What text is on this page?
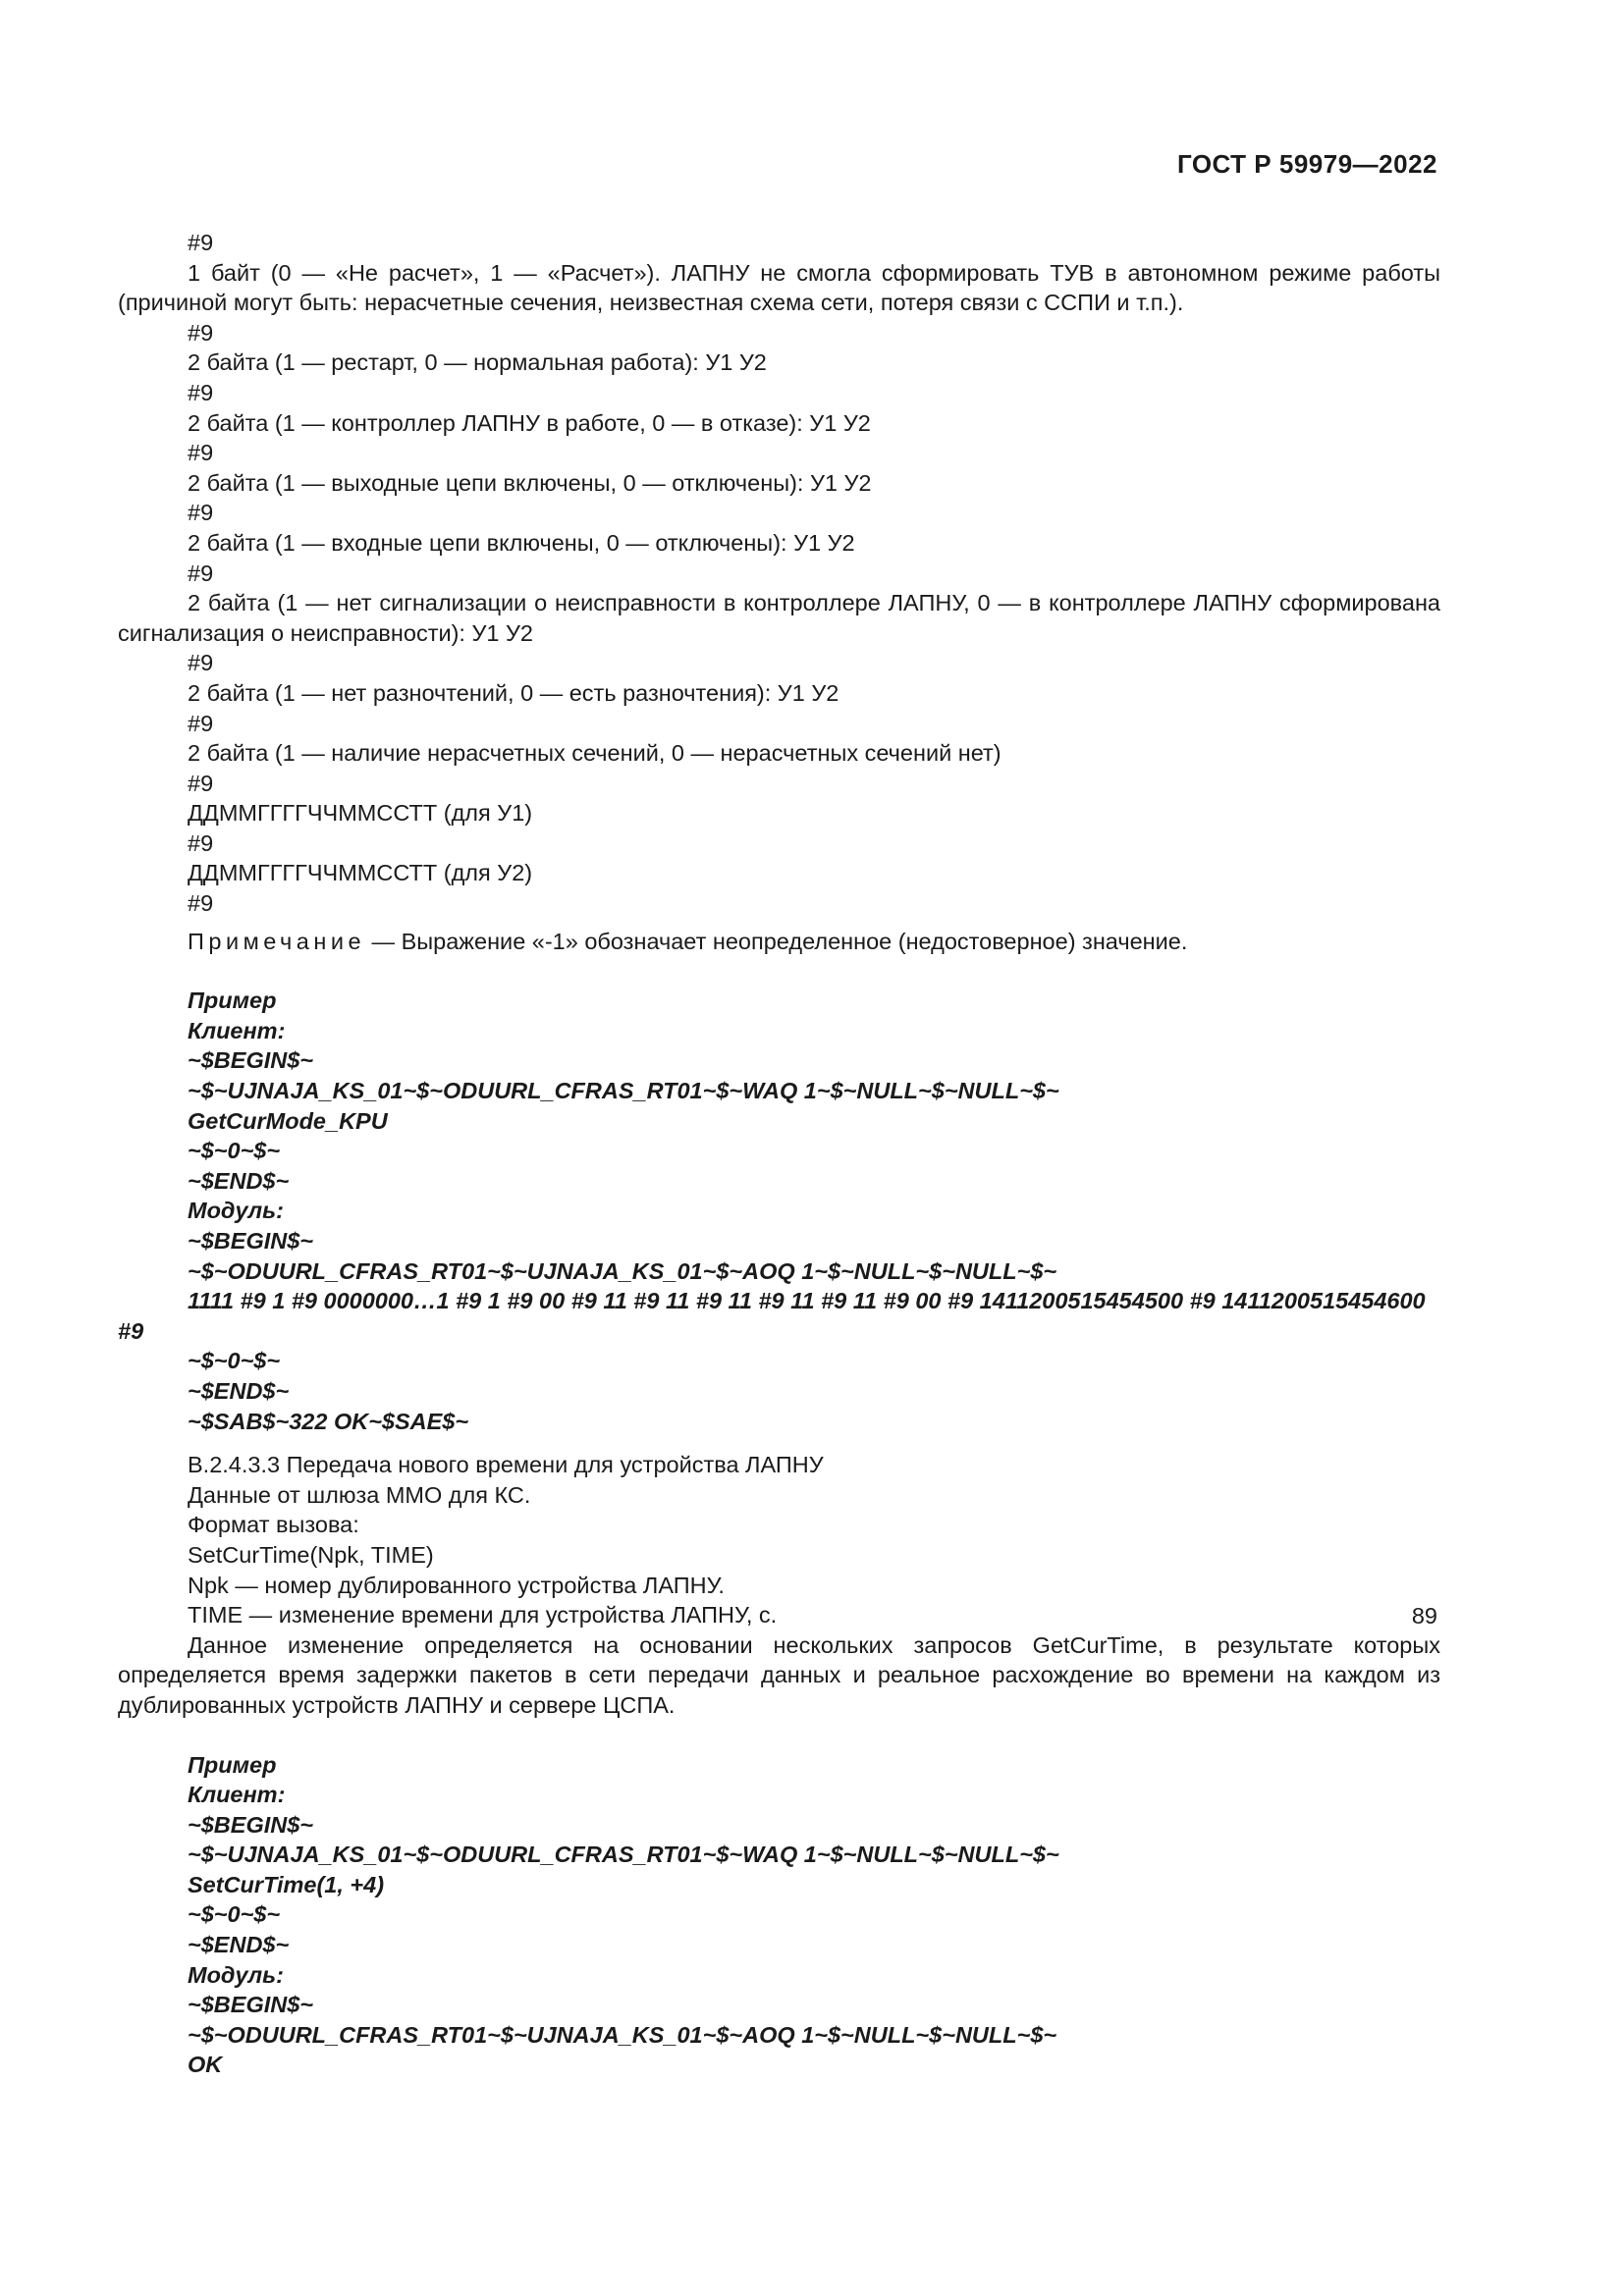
ГОСТ Р 59979—2022

#9

1 байт (0 — «Не расчет», 1 — «Расчет»). ЛАПНУ не смогла сформировать ТУВ в автономном режиме работы (причиной могут быть: нерасчетные сечения, неизвестная схема сети, потеря связи с ССПИ и т.п.).

#9

2 байта (1 — рестарт, 0 — нормальная работа): У1 У2

#9

2 байта (1 — контроллер ЛАПНУ в работе, 0 — в отказе): У1 У2

#9

2 байта (1 — выходные цепи включены, 0 — отключены): У1 У2

#9

2 байта (1 — входные цепи включены, 0 — отключены): У1 У2

#9

2 байта (1 — нет сигнализации о неисправности в контроллере ЛАПНУ, 0 — в контроллере ЛАПНУ сформирована сигнализация о неисправности): У1 У2

#9

2 байта (1 — нет разночтений, 0 — есть разночтения): У1 У2

#9

2 байта (1 — наличие нерасчетных сечений, 0 — нерасчетных сечений нет)

#9

ДДММГГГГЧЧММССТТ (для У1)

#9

ДДММГГГГЧЧММССТТ (для У2)

#9

Примечание — Выражение «-1» обозначает неопределенное (недостоверное) значение.

Пример

Клиент:

~$BEGIN$~

~$~UJNAJA_KS_01~$~ODUURL_CFRAS_RT01~$~WAQ 1~$~NULL~$~NULL~$~

GetCurMode_KPU

~$~0~$~

~$END$~

Модуль:

~$BEGIN$~

~$~ODUURL_CFRAS_RT01~$~UJNAJA_KS_01~$~AOQ 1~$~NULL~$~NULL~$~

1111 #9 1 #9 0000000…1 #9 1 #9 00 #9 11 #9 11 #9 11 #9 11 #9 11 #9 00 #9 1411200515454500 #9 1411200515454600 #9

~$~0~$~

~$END$~

~$SAB$~322 OK~$SAE$~

В.2.4.3.3 Передача нового времени для устройства ЛАПНУ

Данные от шлюза ММО для КС.

Формат вызова:

SetCurTime(Npk, TIME)

Npk — номер дублированного устройства ЛАПНУ.

TIME — изменение времени для устройства ЛАПНУ, с.

Данное изменение определяется на основании нескольких запросов GetCurTime, в результате которых определяется время задержки пакетов в сети передачи данных и реальное расхождение во времени на каждом из дублированных устройств ЛАПНУ и сервере ЦСПА.

Пример

Клиент:

~$BEGIN$~

~$~UJNAJA_KS_01~$~ODUURL_CFRAS_RT01~$~WAQ 1~$~NULL~$~NULL~$~

SetCurTime(1, +4)

~$~0~$~

~$END$~

Модуль:

~$BEGIN$~

~$~ODUURL_CFRAS_RT01~$~UJNAJA_KS_01~$~AOQ 1~$~NULL~$~NULL~$~

OK

89
